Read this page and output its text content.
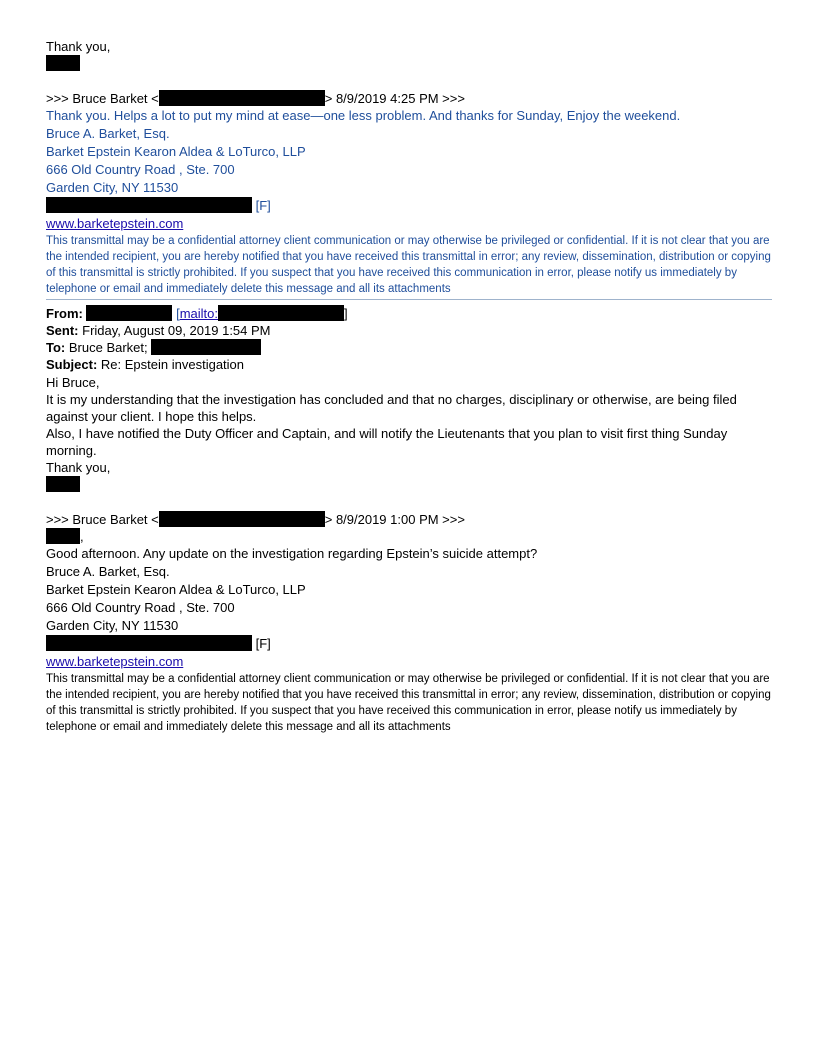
Thank you,
>>> Bruce Barket <	> 8/9/2019 4:25 PM >>>
Thank you. Helps a lot to put my mind at ease—one less problem. And thanks for Sunday, Enjoy the weekend.
Bruce A. Barket, Esq.
Barket Epstein Kearon Aldea & LoTurco, LLP
666 Old Country Road , Ste. 700
Garden City, NY 11530
[F]
www.barketepstein.com
This transmittal may be a confidential attorney client communication or may otherwise be privileged or confidential. If it is not clear that you are the intended recipient, you are hereby notified that you have received this transmittal in error; any review, dissemination, distribution or copying of this transmittal is strictly prohibited. If you suspect that you have received this communication in error, please notify us immediately by telephone or email and immediately delete this message and all its attachments
From:	[mailto:	]
Sent: Friday, August 09, 2019 1:54 PM
To: Bruce Barket;
Subject: Re: Epstein investigation
Hi Bruce,
It is my understanding that the investigation has concluded and that no charges, disciplinary or otherwise, are being filed against your client. I hope this helps.
Also, I have notified the Duty Officer and Captain, and will notify the Lieutenants that you plan to visit first thing Sunday morning.
Thank you,
>>> Bruce Barket <	> 8/9/2019 1:00 PM >>>
,
Good afternoon. Any update on the investigation regarding Epstein’s suicide attempt?
Bruce A. Barket, Esq.
Barket Epstein Kearon Aldea & LoTurco, LLP
666 Old Country Road , Ste. 700
Garden City, NY 11530
[F]
www.barketepstein.com
This transmittal may be a confidential attorney client communication or may otherwise be privileged or confidential. If it is not clear that you are the intended recipient, you are hereby notified that you have received this transmittal in error; any review, dissemination, distribution or copying of this transmittal is strictly prohibited. If you suspect that you have received this communication in error, please notify us immediately by telephone or email and immediately delete this message and all its attachments
